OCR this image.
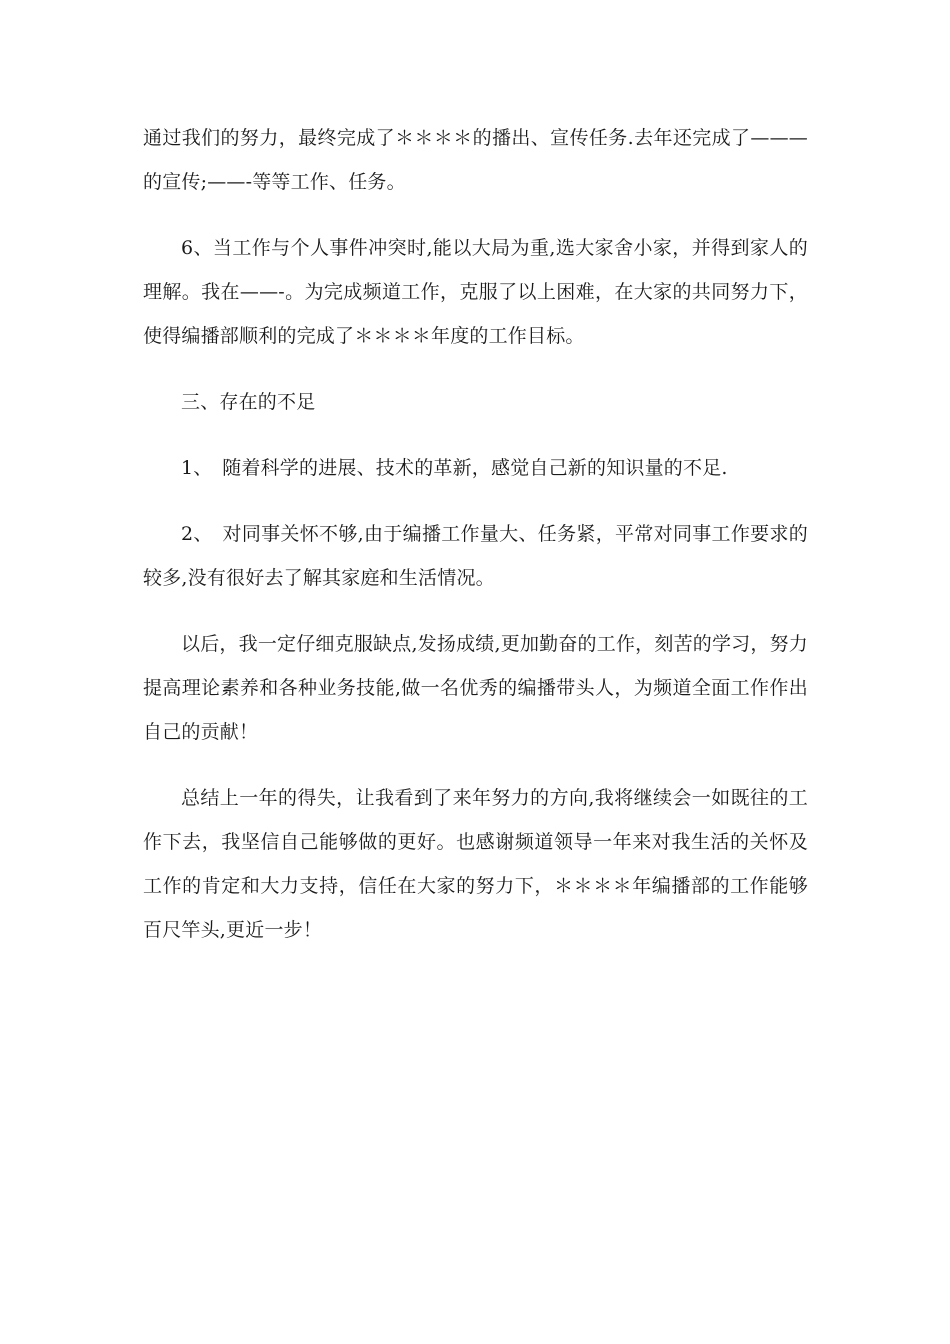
通过我们的努力，最终完成了＊＊＊＊的播出、宣传任务.去年还完成了———的宣传;——-等等工作、任务。

6、当工作与个人事件冲突时,能以大局为重,选大家舍小家，并得到家人的理解。我在——-。为完成频道工作，克服了以上困难，在大家的共同努力下，使得编播部顺利的完成了＊＊＊＊年度的工作目标。

三、存在的不足

1、　随着科学的进展、技术的革新，感觉自己新的知识量的不足.

2、　对同事关怀不够,由于编播工作量大、任务紧，平常对同事工作要求的较多,没有很好去了解其家庭和生活情况。

以后，我一定仔细克服缺点,发扬成绩,更加勤奋的工作，刻苦的学习，努力提高理论素养和各种业务技能,做一名优秀的编播带头人，为频道全面工作作出自己的贡献！

总结上一年的得失，让我看到了来年努力的方向,我将继续会一如既往的工作下去，我坚信自己能够做的更好。也感谢频道领导一年来对我生活的关怀及工作的肯定和大力支持，信任在大家的努力下，＊＊＊＊年编播部的工作能够百尺竿头,更近一步！
